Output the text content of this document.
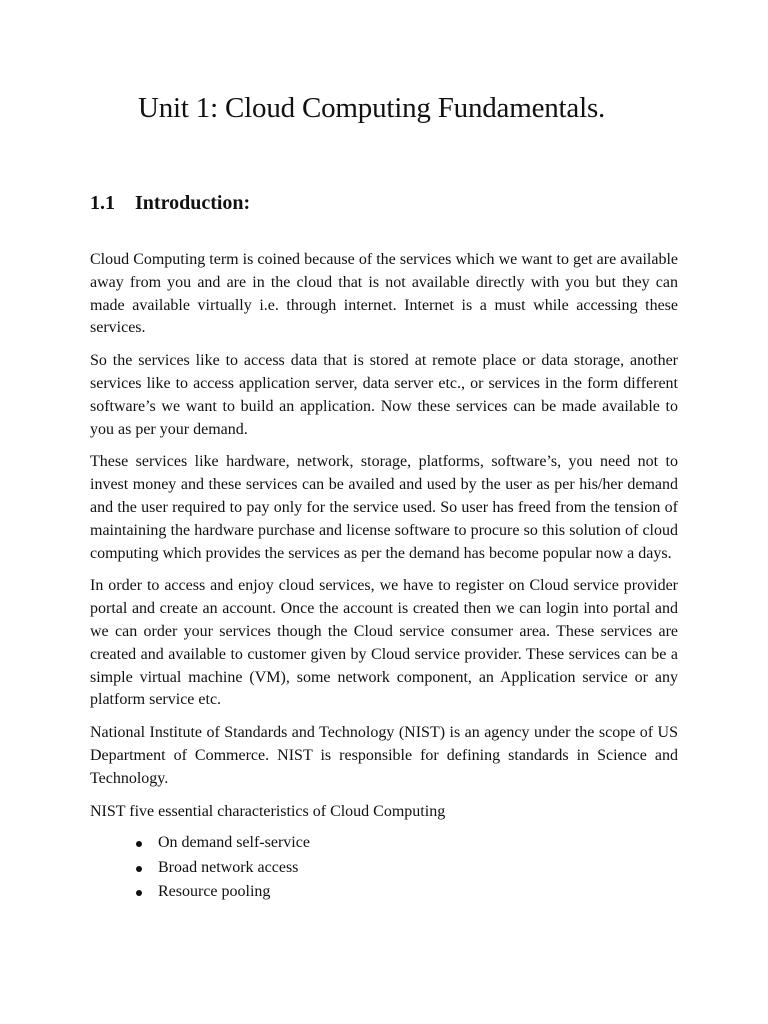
Unit 1: Cloud Computing Fundamentals.
1.1 Introduction:

Cloud Computing term is coined because of the services which we want to get are available away from you and are in the cloud that is not available directly with you but they can made available virtually i.e. through internet. Internet is a must while accessing these services.

So the services like to access data that is stored at remote place or data storage, another services like to access application server, data server etc., or services in the form different software’s we want to build an application. Now these services can be made available to you as per your demand.

These services like hardware, network, storage, platforms, software’s, you need not to invest money and these services can be availed and used by the user as per his/her demand and the user required to pay only for the service used. So user has freed from the tension of maintaining the hardware purchase and license software to procure so this solution of cloud computing which provides the services as per the demand has become popular now a days.

In order to access and enjoy cloud services, we have to register on Cloud service provider portal and create an account. Once the account is created then we can login into portal and we can order your services though the Cloud service consumer area. These services are created and available to customer given by Cloud service provider. These services can be a simple virtual machine (VM), some network component, an Application service or any platform service etc.

National Institute of Standards and Technology (NIST) is an agency under the scope of US Department of Commerce. NIST is responsible for defining standards in Science and Technology.

NIST five essential characteristics of Cloud Computing

On demand self-service
Broad network access
Resource pooling
